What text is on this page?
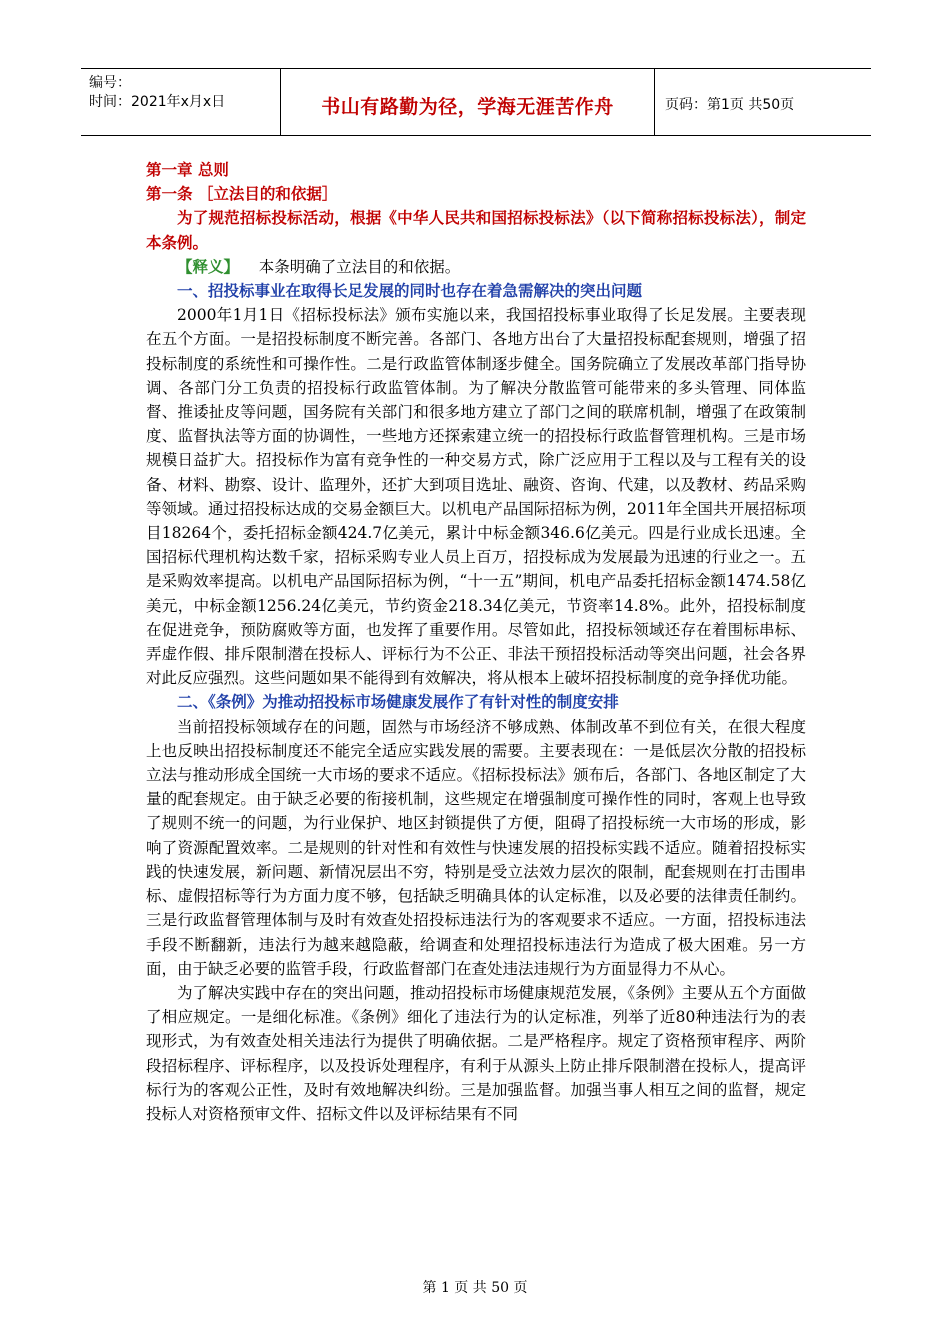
编号：
时间：2021年x月x日	书山有路勤为径，学海无涯苦作舟	页码：第1页 共50页

第一章 总则

第一条 ［立法目的和依据］

为了规范招标投标活动，根据《中华人民共和国招标投标法》（以下简称招标投标法），制定本条例。

【释义】 本条明确了立法目的和依据。

一、招投标事业在取得长足发展的同时也存在着急需解决的突出问题

2000年1月1日《招标投标法》颁布实施以来，我国招投标事业取得了长足发展。主要表现在五个方面。一是招投标制度不断完善。各部门、各地方出台了大量招投标配套规则，增强了招投标制度的系统性和可操作性。二是行政监管体制逐步健全。国务院确立了发展改革部门指导协调、各部门分工负责的招投标行政监管体制。为了解决分散监管可能带来的多头管理、同体监督、推诿扯皮等问题，国务院有关部门和很多地方建立了部门之间的联席机制，增强了在政策制度、监督执法等方面的协调性，一些地方还探索建立统一的招投标行政监督管理机构。三是市场规模日益扩大。招投标作为富有竞争性的一种交易方式，除广泛应用于工程以及与工程有关的设备、材料、勘察、设计、监理外，还扩大到项目选址、融资、咨询、代建，以及教材、药品采购等领域。通过招投标达成的交易金额巨大。以机电产品国际招标为例，2011年全国共开展招标项目18264个，委托招标金额424.7亿美元，累计中标金额346.6亿美元。四是行业成长迅速。全国招标代理机构达数千家，招标采购专业人员上百万，招投标成为发展最为迅速的行业之一。五是采购效率提高。以机电产品国际招标为例，“十一五”期间，机电产品委托招标金额1474.58亿美元，中标金额1256.24亿美元，节约资金218.34亿美元，节资率14.8%。此外，招投标制度在促进竞争，预防腐败等方面，也发挥了重要作用。尽管如此，招投标领域还存在着围标串标、弄虚作假、排斥限制潜在投标人、评标行为不公正、非法干预招投标活动等突出问题，社会各界对此反应强烈。这些问题如果不能得到有效解决，将从根本上破坏招投标制度的竞争择优功能。

二、《条例》为推动招投标市场健康发展作了有针对性的制度安排

当前招投标领域存在的问题，固然与市场经济不够成熟、体制改革不到位有关，在很大程度上也反映出招投标制度还不能完全适应实践发展的需要。主要表现在：一是低层次分散的招投标立法与推动形成全国统一大市场的要求不适应。《招标投标法》颁布后，各部门、各地区制定了大量的配套规定。由于缺乏必要的衔接机制，这些规定在增强制度可操作性的同时，客观上也导致了规则不统一的问题，为行业保护、地区封锁提供了方便，阻碍了招投标统一大市场的形成，影响了资源配置效率。二是规则的针对性和有效性与快速发展的招投标实践不适应。随着招投标实践的快速发展，新问题、新情况层出不穷，特别是受立法效力层次的限制，配套规则在打击围串标、虚假招标等行为方面力度不够，包括缺乏明确具体的认定标准，以及必要的法律责任制约。三是行政监督管理体制与及时有效查处招投标违法行为的客观要求不适应。一方面，招投标违法手段不断翻新，违法行为越来越隐蔽，给调查和处理招投标违法行为造成了极大困难。另一方面，由于缺乏必要的监管手段，行政监督部门在查处违法违规行为方面显得力不从心。

为了解决实践中存在的突出问题，推动招投标市场健康规范发展，《条例》主要从五个方面做了相应规定。一是细化标准。《条例》细化了违法行为的认定标准，列举了近80种违法行为的表现形式，为有效查处相关违法行为提供了明确依据。二是严格程序。规定了资格预审程序、两阶段招标程序、评标程序，以及投诉处理程序，有利于从源头上防止排斥限制潜在投标人，提高评标行为的客观公正性，及时有效地解决纠纷。三是加强监督。加强当事人相互之间的监督，规定投标人对资格预审文件、招标文件以及评标结果有不同

第 1 页 共 50 页
